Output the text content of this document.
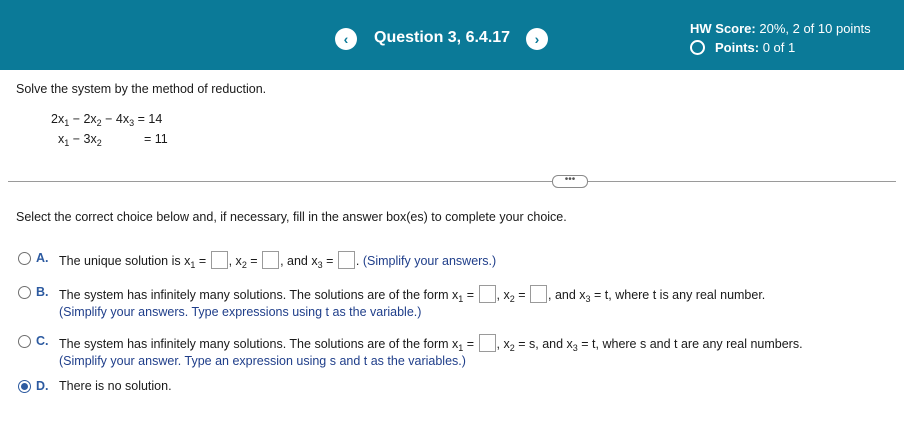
‹	Question 3, 6.4.17	›
HW Score: 20%, 2 of 10 points
Points:
0 of 1
Solve the system by the method of reduction.
$2x_1 - 2x_2 - 4x_3 = 14$
$x_1 - 3x_2$	= 11
•••
Select the correct choice below and, if necessary, fill in the answer box(es) to complete your choice.
A. The unique solution is $x_1$ = , $x_2$ = , and $x_3$ = . (Simplify your answers.)
B. The system has infinitely many solutions. The solutions are of the form $x_1$ = , $x_2$ = , and $x_3 = t$, where t is any real number.
(Simplify your answers. Type expressions using t as the variable.)
C. The system has infinitely many solutions. The solutions are of the form $x_1$ = , $x_2 = s$, and $x_3 = t$, where s and t are any real numbers.
(Simplify your answer. Type an expression using s and t as the variables.)
D. There is no solution.
